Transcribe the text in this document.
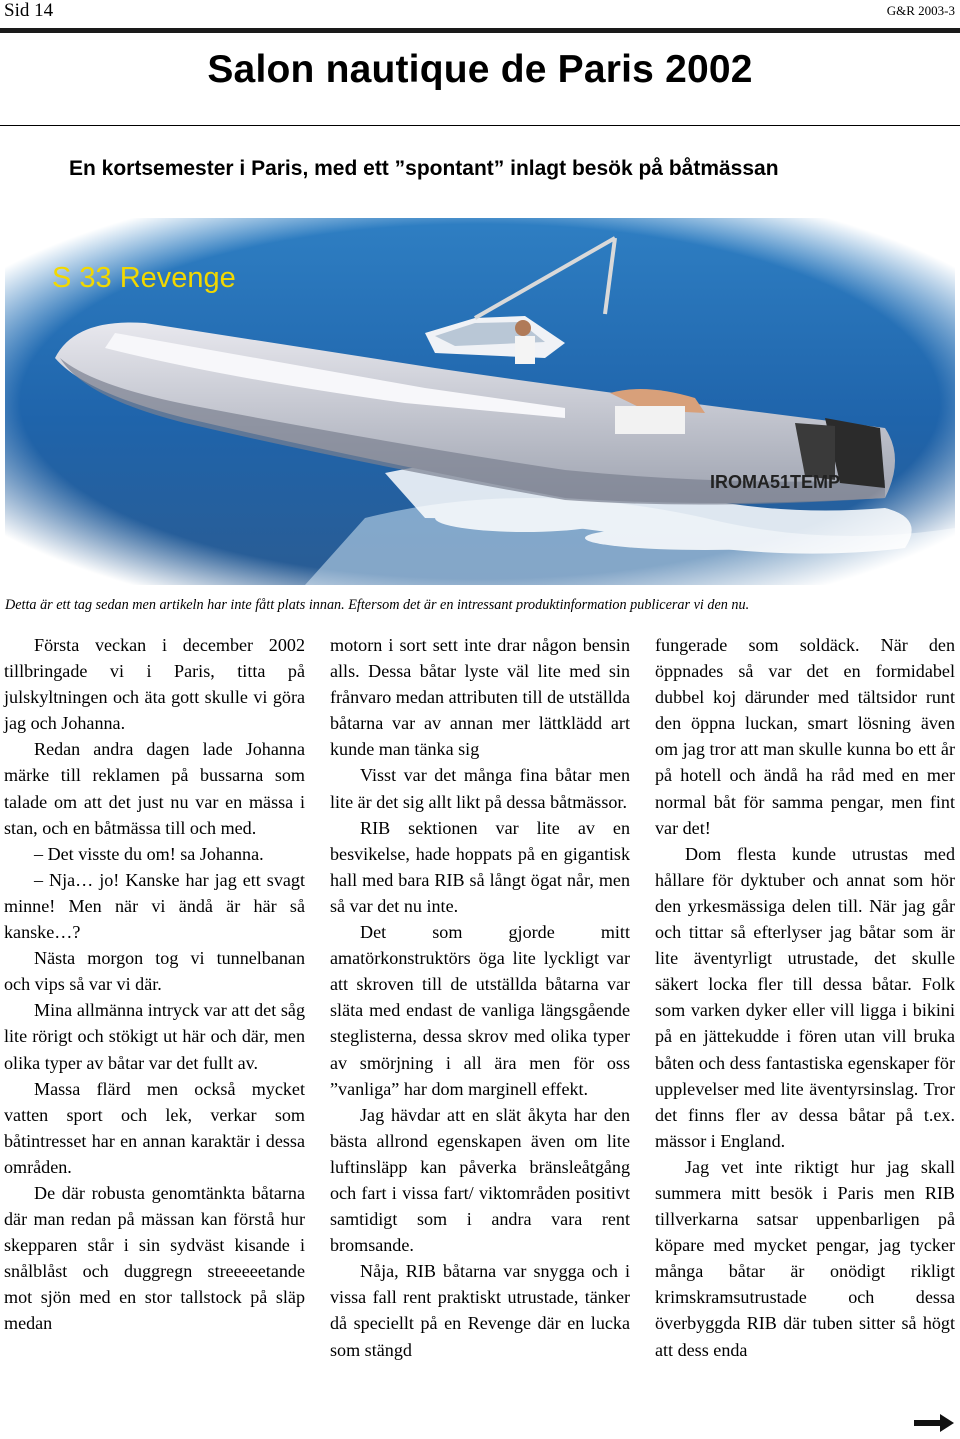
Sid 14	G&R 2003-3
Salon nautique de Paris 2002
En kortsemester i Paris, med ett ”spontant” inlagt besök på båtmässan
S 33 Revenge
Detta är ett tag sedan men artikeln har inte fått plats innan. Eftersom det är en intressant produktinformation publicerar vi den nu.

Första veckan i december 2002 tillbringade vi i Paris, titta på julskyltningen och äta gott skulle vi göra jag och Johanna.

Redan andra dagen lade Johanna märke till reklamen på bussarna som talade om att det just nu var en mässa i stan, och en båtmässa till och med.

– Det visste du om! sa Johanna.

– Nja… jo! Kanske har jag ett svagt minne! Men när vi ändå är här så kanske…?

Nästa morgon tog vi tunnelbanan och vips så var vi där.

Mina allmänna intryck var att det såg lite rörigt och stökigt ut här och där, men olika typer av båtar var det fullt av.

Massa flärd men också mycket vatten sport och lek, verkar som båtintresset har en annan karaktär i dessa områden.

De där robusta genomtänkta båtarna där man redan på mässan kan förstå hur skepparen står i sin sydväst kisande i snålblåst och duggregn streeeeetande mot sjön med en stor tallstock på släp medan

motorn i sort sett inte drar någon bensin alls. Dessa båtar lyste väl lite med sin frånvaro medan attributen till de utställda båtarna var av annan mer lättklädd art kunde man tänka sig

Visst var det många fina båtar men lite är det sig allt likt på dessa båtmässor.

RIB sektionen var lite av en besvikelse, hade hoppats på en gigantisk hall med bara RIB så långt ögat når, men så var det nu inte.

Det som gjorde mitt amatörkonstruktörs öga lite lyckligt var att skroven till de utställda båtarna var släta med endast de vanliga längsgående steglisterna, dessa skrov med olika typer av smörjning i all ära men för oss ”vanliga” har dom marginell effekt.

Jag hävdar att en slät åkyta har den bästa allrond egenskapen även om lite luftinsläpp kan påverka bränsleåtgång och fart i vissa fart/ viktområden positivt samtidigt som i andra vara rent bromsande.

Nåja, RIB båtarna var snygga och i vissa fall rent praktiskt utrustade, tänker då speciellt på en Revenge där en lucka som stängd

fungerade som soldäck. När den öppnades så var det en formidabel dubbel koj därunder med tältsidor runt den öppna luckan, smart lösning även om jag tror att man skulle kunna bo ett år på hotell och ändå ha råd med en mer normal båt för samma pengar, men fint var det!

Dom flesta kunde utrustas med hållare för dyktuber och annat som hör den yrkesmässiga delen till. När jag går och tittar så efterlyser jag båtar som är lite äventyrligt utrustade, det skulle säkert locka fler till dessa båtar. Folk som varken dyker eller vill ligga i bikini på en jättekudde i fören utan vill bruka båten och dess fantastiska egenskaper för upplevelser med lite äventyrsinslag. Tror det finns fler av dessa båtar på t.ex. mässor i England.

Jag vet inte riktigt hur jag skall summera mitt besök i Paris men RIB tillverkarna satsar uppenbarligen på köpare med mycket pengar, jag tycker många båtar är onödigt rikligt krimskramsutrustade och dessa överbyggda RIB där tuben sitter så högt att dess enda
